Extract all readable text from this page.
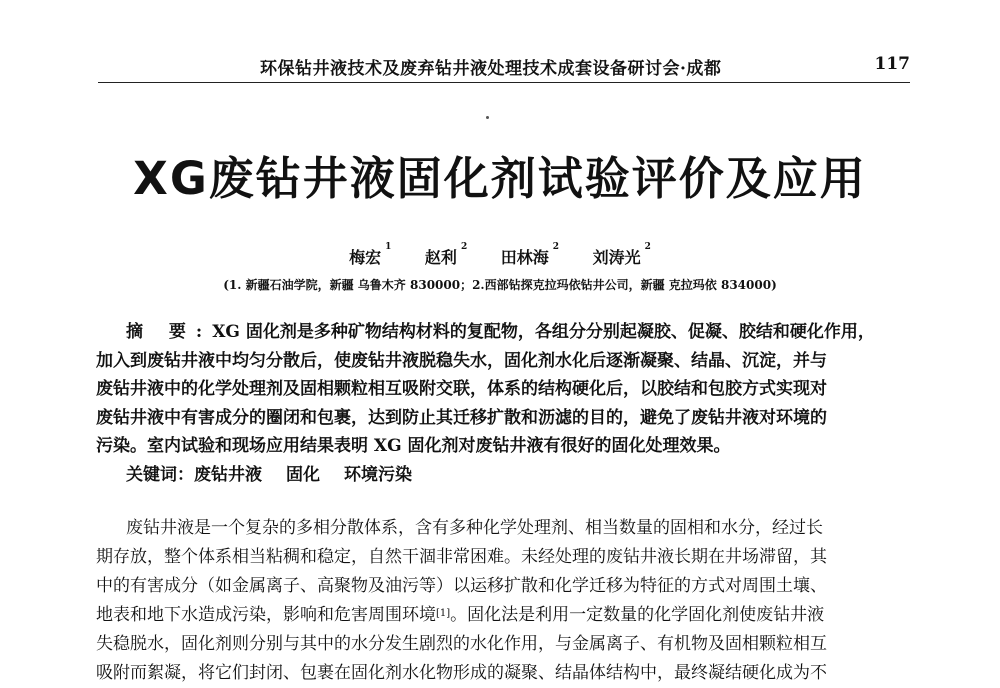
环保钻井液技术及废弃钻井液处理技术成套设备研讨会·成都	117
XG废钻井液固化剂试验评价及应用
梅宏$^1$ 赵利$^2$ 田林海$^2$ 刘涛光$^2$
(1. 新疆石油学院，新疆 乌鲁木齐 830000；2.西部钻探克拉玛依钻井公司，新疆 克拉玛依 834000)
摘 要:XG 固化剂是多种矿物结构材料的复配物，各组分分别起凝胶、促凝、胶结和硬化作用，
加入到废钻井液中均匀分散后，使废钻井液脱稳失水，固化剂水化后逐渐凝聚、结晶、沉淀，并与
废钻井液中的化学处理剂及固相颗粒相互吸附交联，体系的结构硬化后，以胶结和包胶方式实现对
废钻井液中有害成分的圈闭和包裹，达到防止其迁移扩散和沥滤的目的，避免了废钻井液对环境的
污染。室内试验和现场应用结果表明 XG 固化剂对废钻井液有很好的固化处理效果。
关键词：废钻井液 固化 环境污染
废钻井液是一个复杂的多相分散体系，含有多种化学处理剂、相当数量的固相和水分，经过长
期存放，整个体系相当粘稠和稳定，自然干涸非常困难。未经处理的废钻井液长期在井场滞留，其
中的有害成分（如金属离子、高聚物及油污等）以运移扩散和化学迁移为特征的方式对周围土壤、
地表和地下水造成污染，影响和危害周围环境[1]。固化法是利用一定数量的化学固化剂使废钻井液
失稳脱水，固化剂则分别与其中的水分发生剧烈的水化作用，与金属离子、有机物及固相颗粒相互
吸附而絮凝，将它们封闭、包裹在固化剂水化物形成的凝聚、结晶体结构中，最终凝结硬化成为不
